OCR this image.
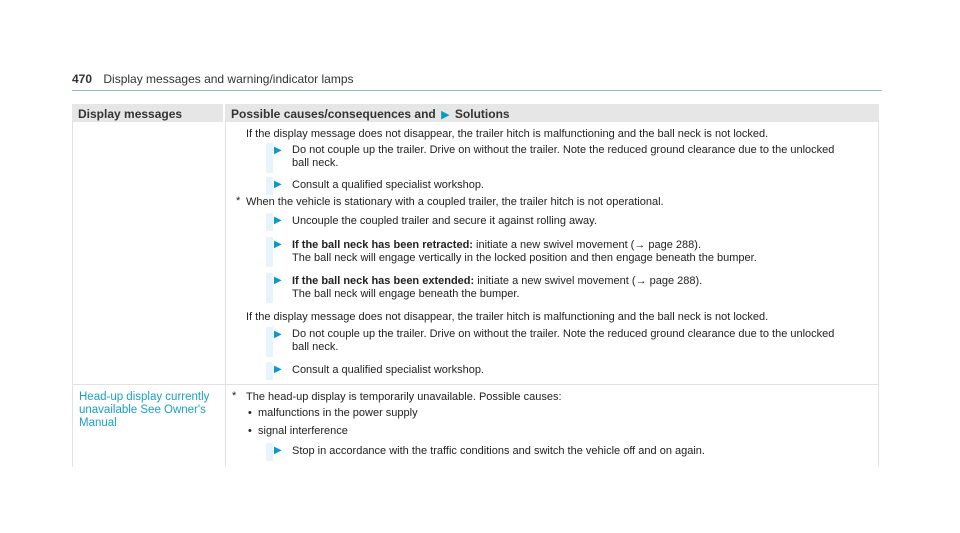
470 Display messages and warning/indicator lamps
Display messages	Possible causes/consequences and ▶ Solutions
If the display message does not disappear, the trailer hitch is malfunctioning and the ball neck is not locked.
▶ Do not couple up the trailer. Drive on without the trailer. Note the reduced ground clearance due to the unlocked
ball neck.
▶ Consult a qualified specialist workshop.
* When the vehicle is stationary with a coupled trailer, the trailer hitch is not operational.
▶ Uncouple the coupled trailer and secure it against rolling away.
▶ If the ball neck has been retracted: initiate a new swivel movement (→ page 288).
The ball neck will engage vertically in the locked position and then engage beneath the bumper.
▶ If the ball neck has been extended: initiate a new swivel movement (→ page 288).
The ball neck will engage beneath the bumper.
If the display message does not disappear, the trailer hitch is malfunctioning and the ball neck is not locked.
▶ Do not couple up the trailer. Drive on without the trailer. Note the reduced ground clearance due to the unlocked
ball neck.
▶ Consult a qualified specialist workshop.
Head-up display currently unavailable See Owner's Manual
* The head-up display is temporarily unavailable. Possible causes:
• malfunctions in the power supply
• signal interference
▶ Stop in accordance with the traffic conditions and switch the vehicle off and on again.
